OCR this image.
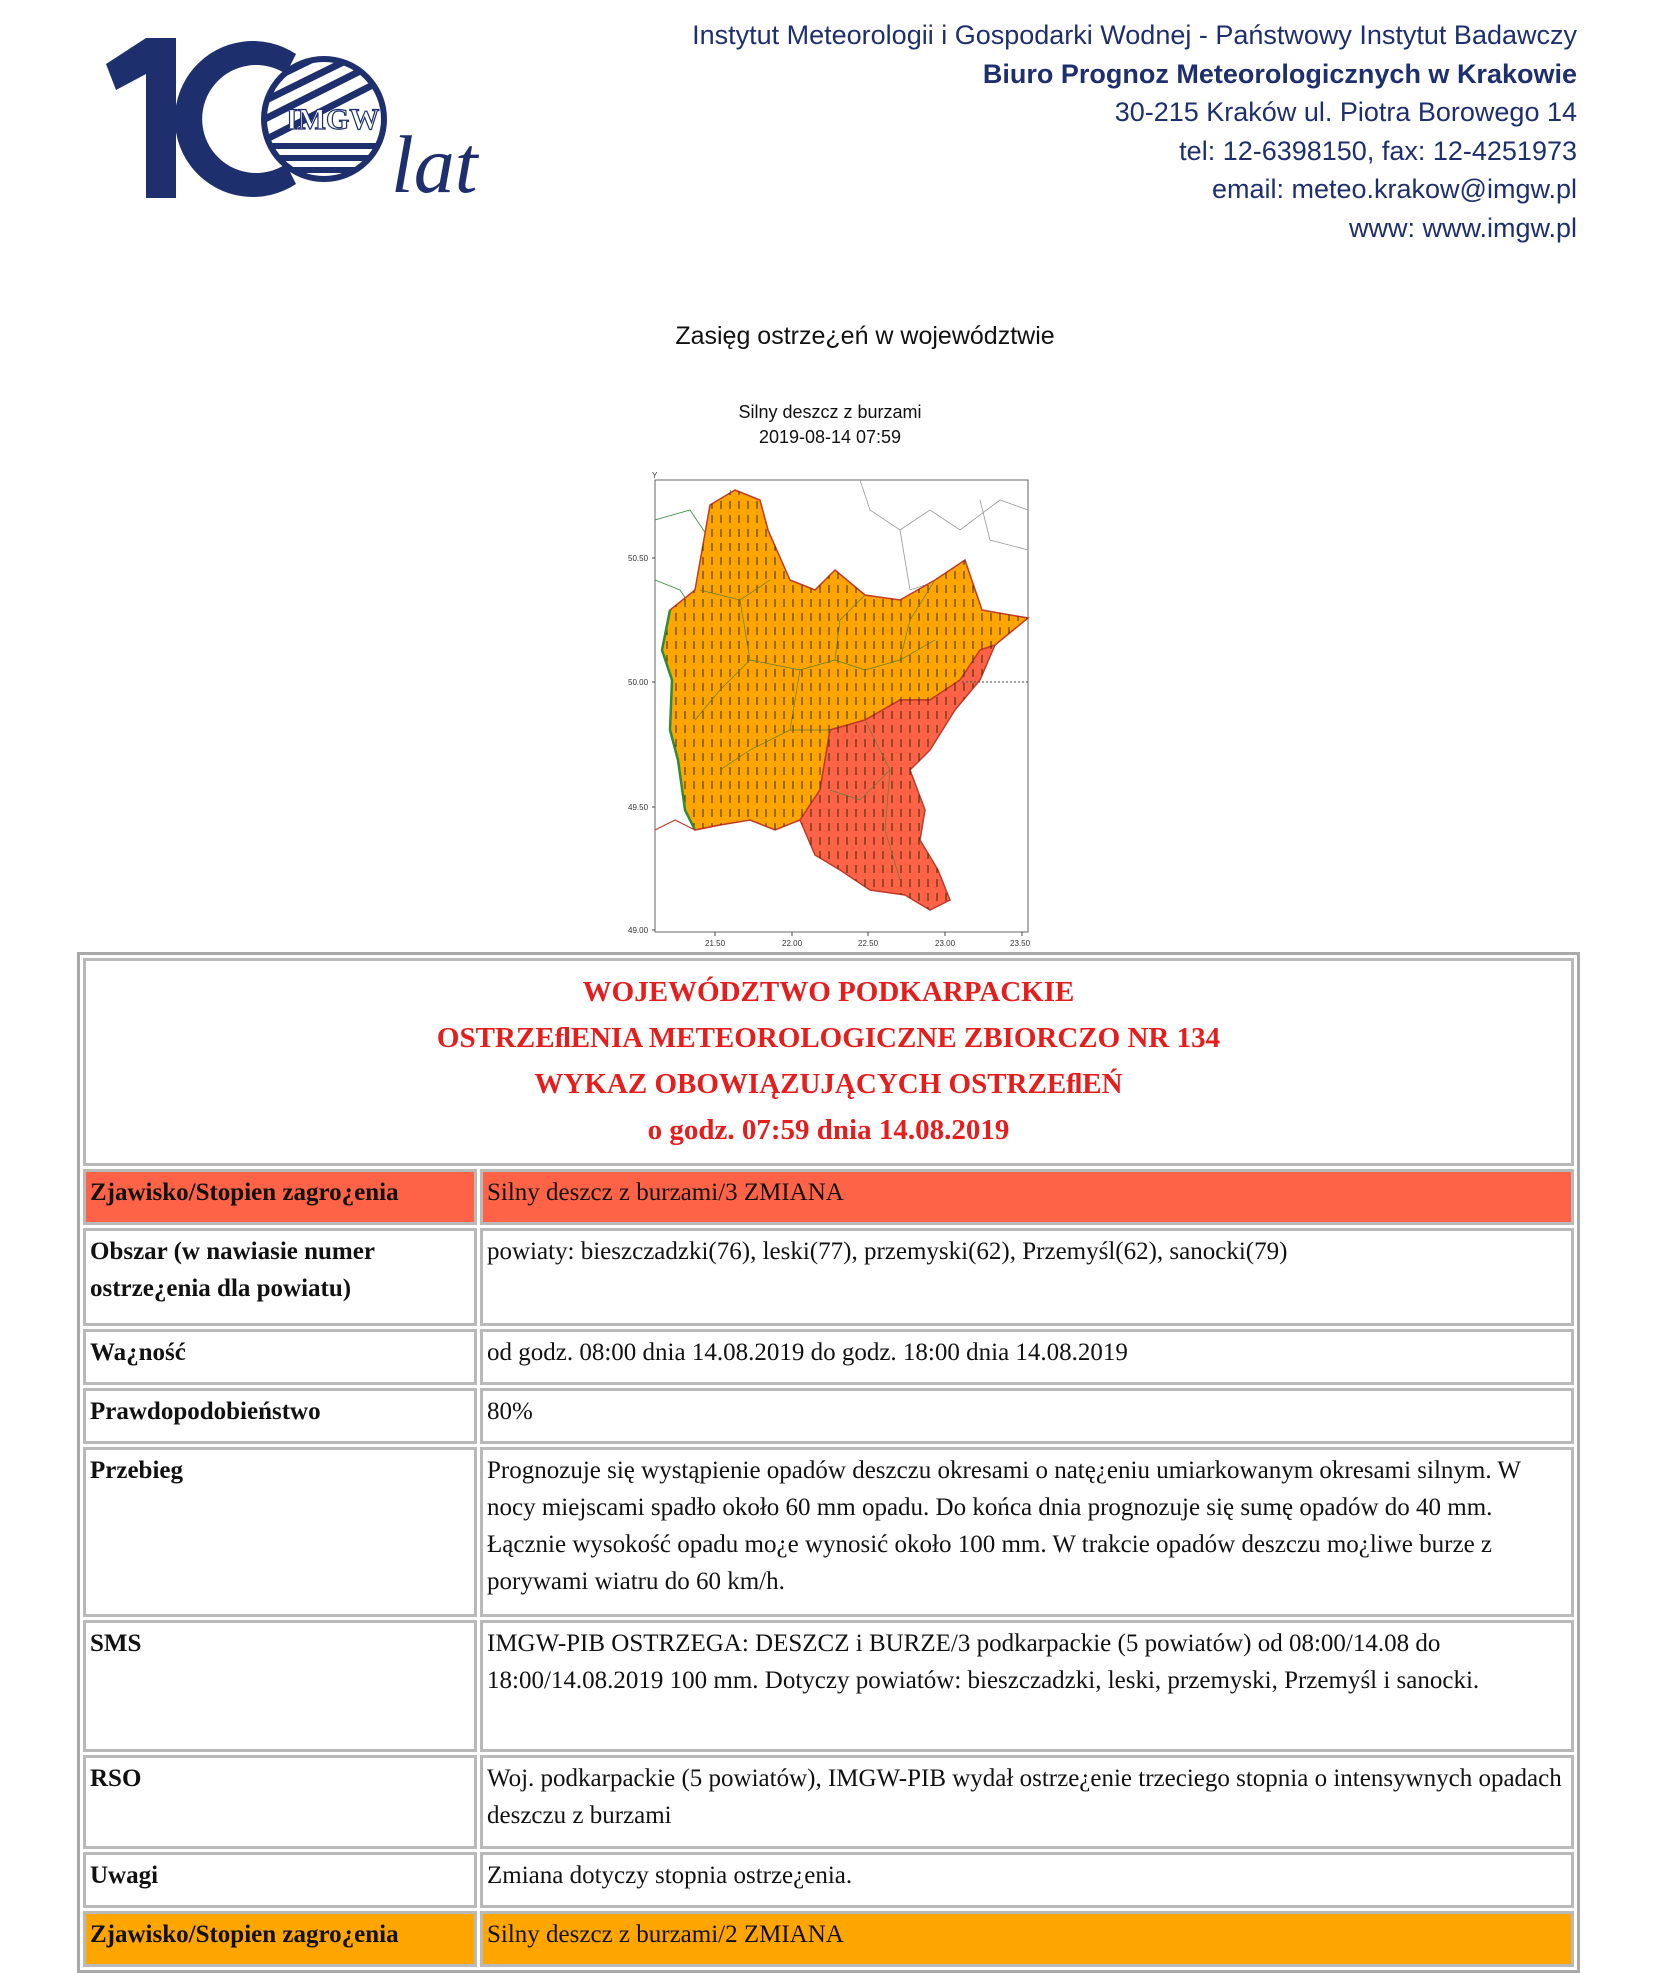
IMGW lat
Instytut Meteorologii i Gospodarki Wodnej - Państwowy Instytut Badawczy
Biuro Prognoz Meteorologicznych w Krakowie
30-215 Kraków ul. Piotra Borowego 14
tel: 12-6398150, fax: 12-4251973
email: meteo.krakow@imgw.pl
www: www.imgw.pl
Zasięg ostrze¿eń w województwie
Silny deszcz z burzami
2019-08-14 07:59
Y
50.50
50.00
49.50
49.00
21.50	22.00	22.50	23.00	23.50
WOJEWÓDZTWO PODKARPACKIE
OSTRZEﬂENIA METEOROLOGICZNE ZBIORCZO NR 134
WYKAZ OBOWIĄZUJĄCYCH OSTRZEﬂEŃ
o godz. 07:59 dnia 14.08.2019	

Zjawisko/Stopien zagro¿enia	Silny deszcz z burzami/3 ZMIANA
Obszar (w nawiasie numer ostrze¿enia dla powiatu)	powiaty: bieszczadzki(76), leski(77), przemyski(62), Przemyśl(62), sanocki(79)
Wa¿ność	od godz. 08:00 dnia 14.08.2019 do godz. 18:00 dnia 14.08.2019
Prawdopodobieństwo	80%
Przebieg	Prognozuje się wystąpienie opadów deszczu okresami o natę¿eniu umiarkowanym okresami silnym. W nocy miejscami spadło około 60 mm opadu. Do końca dnia prognozuje się sumę opadów do 40 mm. Łącznie wysokość opadu mo¿e wynosić około 100 mm. W trakcie opadów deszczu mo¿liwe burze z porywami wiatru do 60 km/h.
SMS	IMGW-PIB OSTRZEGA: DESZCZ i BURZE/3 podkarpackie (5 powiatów) od 08:00/14.08 do 18:00/14.08.2019 100 mm. Dotyczy powiatów: bieszczadzki, leski, przemyski, Przemyśl i sanocki.
RSO	Woj. podkarpackie (5 powiatów), IMGW-PIB wydał ostrze¿enie trzeciego stopnia o intensywnych opadach deszczu z burzami
Uwagi	Zmiana dotyczy stopnia ostrze¿enia.
Zjawisko/Stopien zagro¿enia	Silny deszcz z burzami/2 ZMIANA
